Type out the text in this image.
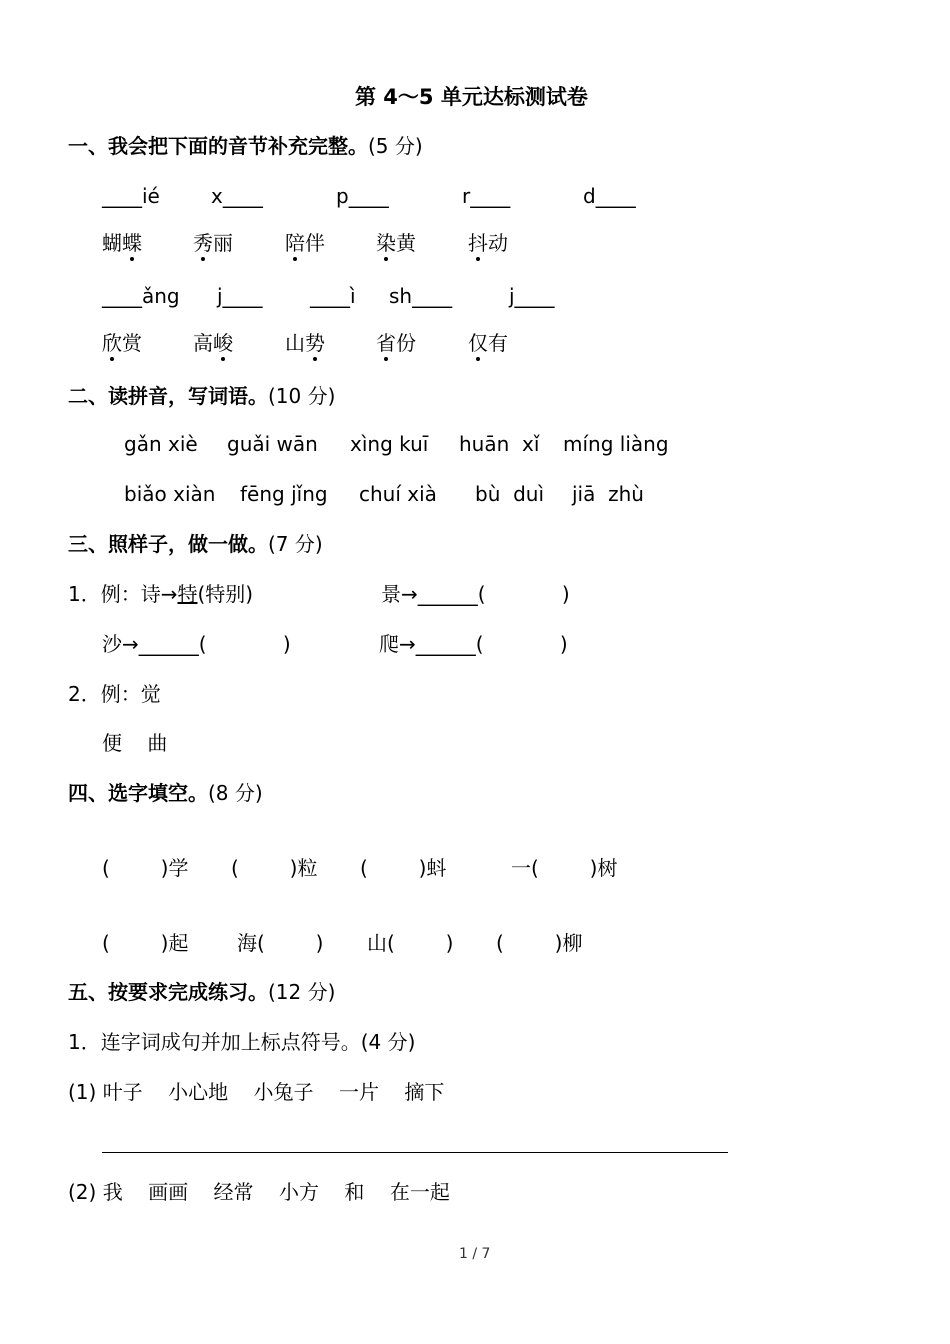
第 4～5 单元达标测试卷
一、我会把下面的音节补充完整。(5 分)
____ié	x____	p____	r____	d____
蝴蝶	秀丽	陪伴	染黄	抖动
____ǎng j____ ____ì sh____	j____
欣赏	高峻	山势	省份	仅有
二、读拼音，写词语。(10 分)
gǎn xiè guǎi wān xìng kuī huān  xǐ míng liàng
biǎo xiàn fēng jǐng chuí xià bù  duì jiā  zhù
三、照样子，做一做。(7 分)
1．例：诗→特(特别)	景→______(            )
沙→______(            )	爬→______(            )
2．例：觉
便    曲
四、选字填空。(8 分)
(        )学 (        )粒 (        )蚪	一(        )树
(        )起 海(        ) 山(        ) (        )柳
五、按要求完成练习。(12 分)
1．连字词成句并加上标点符号。(4 分)
(1) 叶子    小心地    小兔子    一片    摘下
(2) 我    画画    经常    小方    和    在一起
1 / 7
